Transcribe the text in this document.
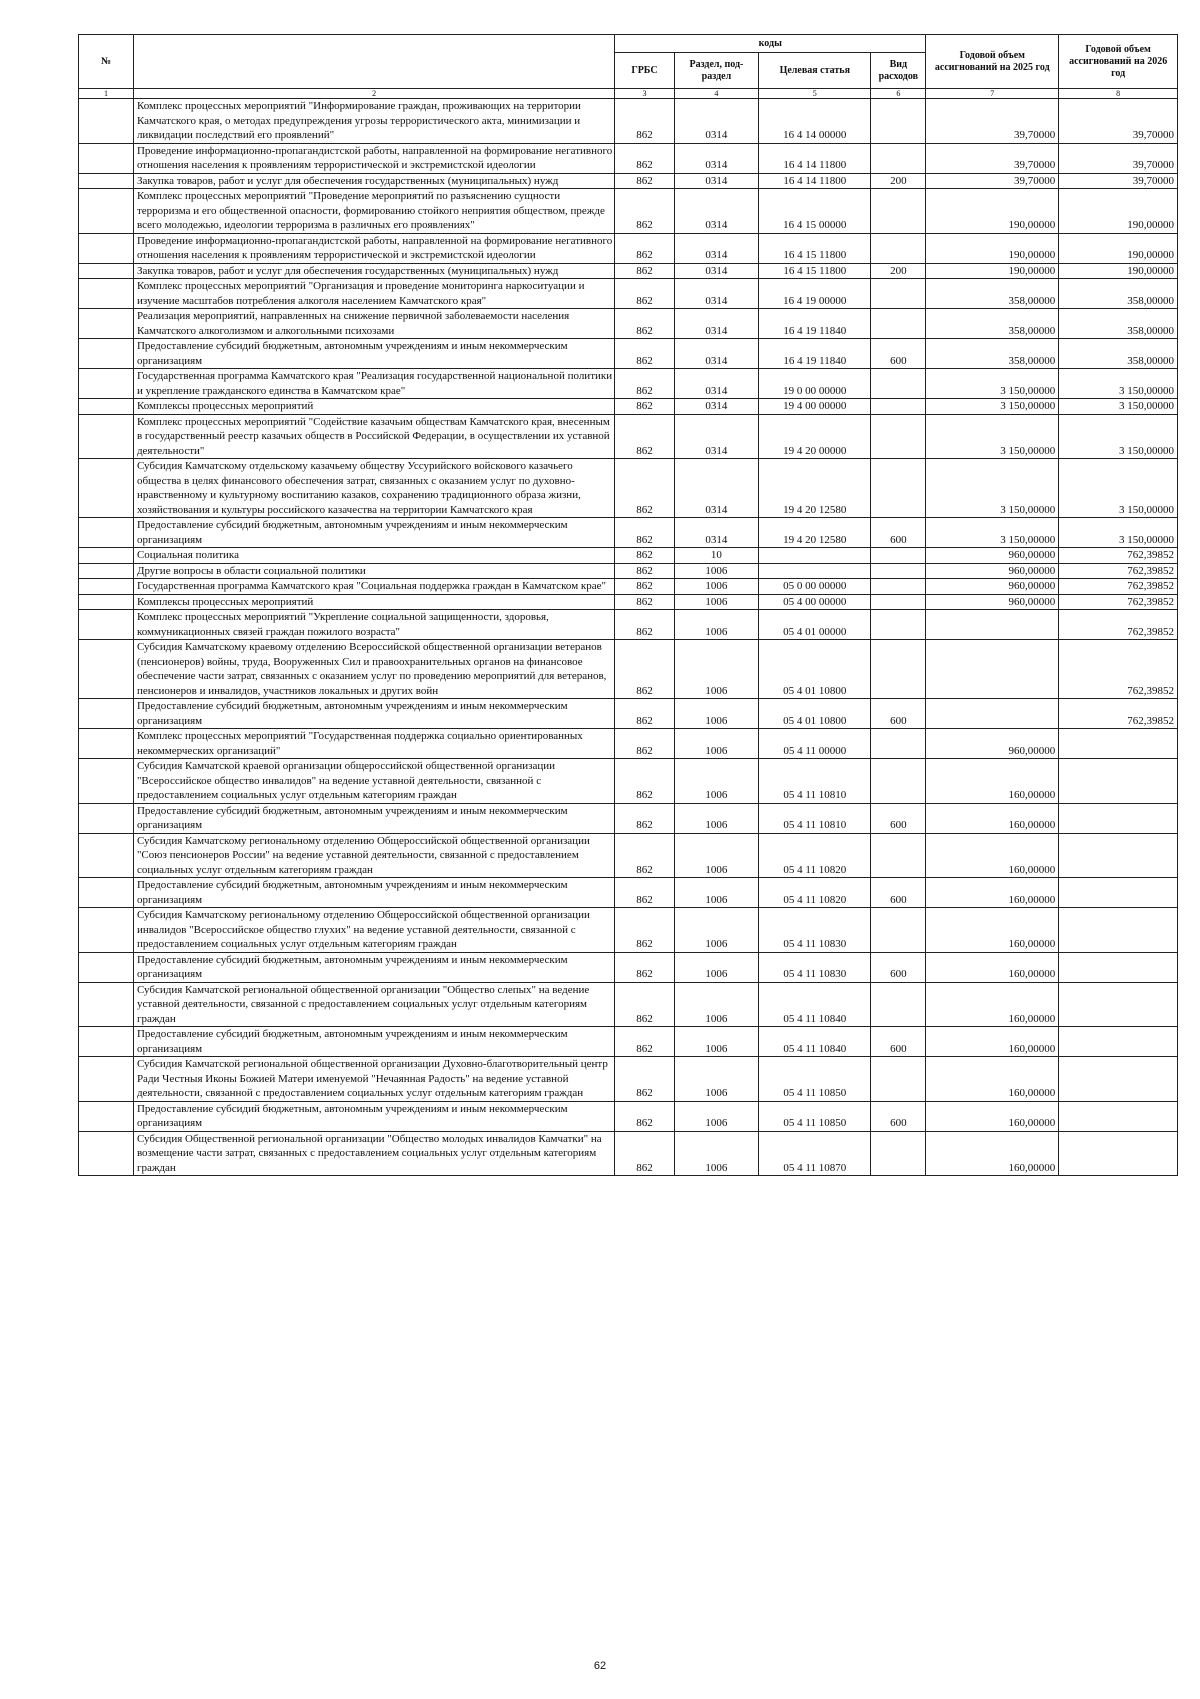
№		коды				Годовой объем ассигнований на 2025 год	Годовой объем ассигнований на 2026 год
		ГРБС	Раздел, под-раздел	Целевая статья	Вид расходов		
1	2	3	4	5	6	7	8
	Комплекс процессных мероприятий "Информирование граждан, проживающих на территории Камчатского края, о методах предупреждения угрозы террористического акта, минимизации и ликвидации последствий его проявлений"	862	0314	16 4 14 00000		39,70000	39,70000
	Проведение информационно-пропагандистской работы, направленной на формирование негативного отношения населения к проявлениям террористической и экстремистской идеологии	862	0314	16 4 14 11800		39,70000	39,70000
	Закупка товаров, работ и услуг для обеспечения государственных (муниципальных) нужд	862	0314	16 4 14 11800	200	39,70000	39,70000
	Комплекс процессных мероприятий "Проведение мероприятий по разъяснению сущности терроризма и его общественной опасности, формированию стойкого неприятия обществом, прежде всего молодежью, идеологии терроризма в различных его проявлениях"	862	0314	16 4 15 00000		190,00000	190,00000
	Проведение информационно-пропагандистской работы, направленной на формирование негативного отношения населения к проявлениям террористической и экстремистской идеологии	862	0314	16 4 15 11800		190,00000	190,00000
	Закупка товаров, работ и услуг для обеспечения государственных (муниципальных) нужд	862	0314	16 4 15 11800	200	190,00000	190,00000
	Комплекс процессных мероприятий "Организация и проведение мониторинга наркоситуации и изучение масштабов потребления алкоголя населением Камчатского края"	862	0314	16 4 19 00000		358,00000	358,00000
	Реализация мероприятий, направленных на снижение первичной заболеваемости населения Камчатского алкоголизмом и алкогольными психозами	862	0314	16 4 19 11840		358,00000	358,00000
	Предоставление субсидий бюджетным, автономным учреждениям и иным некоммерческим организациям	862	0314	16 4 19 11840	600	358,00000	358,00000
	Государственная программа Камчатского края "Реализация государственной национальной политики и укрепление гражданского единства в Камчатском крае"	862	0314	19 0 00 00000		3 150,00000	3 150,00000
	Комплексы процессных мероприятий	862	0314	19 4 00 00000		3 150,00000	3 150,00000
	Комплекс процессных мероприятий "Содействие казачьим обществам Камчатского края, внесенным в государственный реестр казачьих обществ в Российской Федерации, в осуществлении их уставной деятельности"	862	0314	19 4 20 00000		3 150,00000	3 150,00000
	Субсидия Камчатскому отдельскому казачьему обществу Уссурийского войскового казачьего общества в целях финансового обеспечения затрат, связанных с оказанием услуг по духовно-нравственному и культурному воспитанию казаков, сохранению традиционного образа жизни, хозяйствования и культуры российского казачества на территории Камчатского края	862	0314	19 4 20 12580		3 150,00000	3 150,00000
	Предоставление субсидий бюджетным, автономным учреждениям и иным некоммерческим организациям	862	0314	19 4 20 12580	600	3 150,00000	3 150,00000
	Социальная политика	862	10			960,00000	762,39852
	Другие вопросы в области социальной политики	862	1006			960,00000	762,39852
	Государственная программа Камчатского края "Социальная поддержка граждан в Камчатском крае"	862	1006	05 0 00 00000		960,00000	762,39852
	Комплексы процессных мероприятий	862	1006	05 4 00 00000		960,00000	762,39852
	Комплекс процессных мероприятий "Укрепление социальной защищенности, здоровья, коммуникационных связей граждан пожилого возраста"	862	1006	05 4 01 00000			762,39852
	Субсидия Камчатскому краевому отделению Всероссийской общественной организации ветеранов (пенсионеров) войны, труда, Вооруженных Сил и правоохранительных органов на финансовое обеспечение части затрат, связанных с оказанием услуг по проведению мероприятий для ветеранов, пенсионеров и инвалидов, участников локальных и других войн	862	1006	05 4 01 10800			762,39852
	Предоставление субсидий бюджетным, автономным учреждениям и иным некоммерческим организациям	862	1006	05 4 01 10800	600		762,39852
	Комплекс процессных мероприятий "Государственная поддержка социально ориентированных некоммерческих организаций"	862	1006	05 4 11 00000		960,00000	
	Субсидия Камчатской краевой организации общероссийской общественной организации "Всероссийское общество инвалидов" на ведение уставной деятельности, связанной с предоставлением социальных услуг отдельным категориям граждан	862	1006	05 4 11 10810		160,00000	
	Предоставление субсидий бюджетным, автономным учреждениям и иным некоммерческим организациям	862	1006	05 4 11 10810	600	160,00000	
	Субсидия Камчатскому региональному отделению Общероссийской общественной организации "Союз пенсионеров России" на ведение уставной деятельности, связанной с предоставлением социальных услуг отдельным категориям граждан	862	1006	05 4 11 10820		160,00000	
	Предоставление субсидий бюджетным, автономным учреждениям и иным некоммерческим организациям	862	1006	05 4 11 10820	600	160,00000	
	Субсидия Камчатскому региональному отделению Общероссийской общественной организации инвалидов "Всероссийское общество глухих" на ведение уставной деятельности, связанной с предоставлением социальных услуг отдельным категориям граждан	862	1006	05 4 11 10830		160,00000	
	Предоставление субсидий бюджетным, автономным учреждениям и иным некоммерческим организациям	862	1006	05 4 11 10830	600	160,00000	
	Субсидия Камчатской региональной общественной организации "Общество слепых" на ведение уставной деятельности, связанной с предоставлением социальных услуг отдельным категориям граждан	862	1006	05 4 11 10840		160,00000	
	Предоставление субсидий бюджетным, автономным учреждениям и иным некоммерческим организациям	862	1006	05 4 11 10840	600	160,00000	
	Субсидия Камчатской региональной общественной организации Духовно-благотворительный центр Ради Честныя Иконы Божией Матери именуемой "Нечаянная Радость" на ведение уставной деятельности, связанной с предоставлением социальных услуг отдельным категориям граждан	862	1006	05 4 11 10850		160,00000	
	Предоставление субсидий бюджетным, автономным учреждениям и иным некоммерческим организациям	862	1006	05 4 11 10850	600	160,00000	
	Субсидия Общественной региональной организации "Общество молодых инвалидов Камчатки" на возмещение части затрат, связанных с предоставлением социальных услуг отдельным категориям граждан	862	1006	05 4 11 10870		160,00000	
62
